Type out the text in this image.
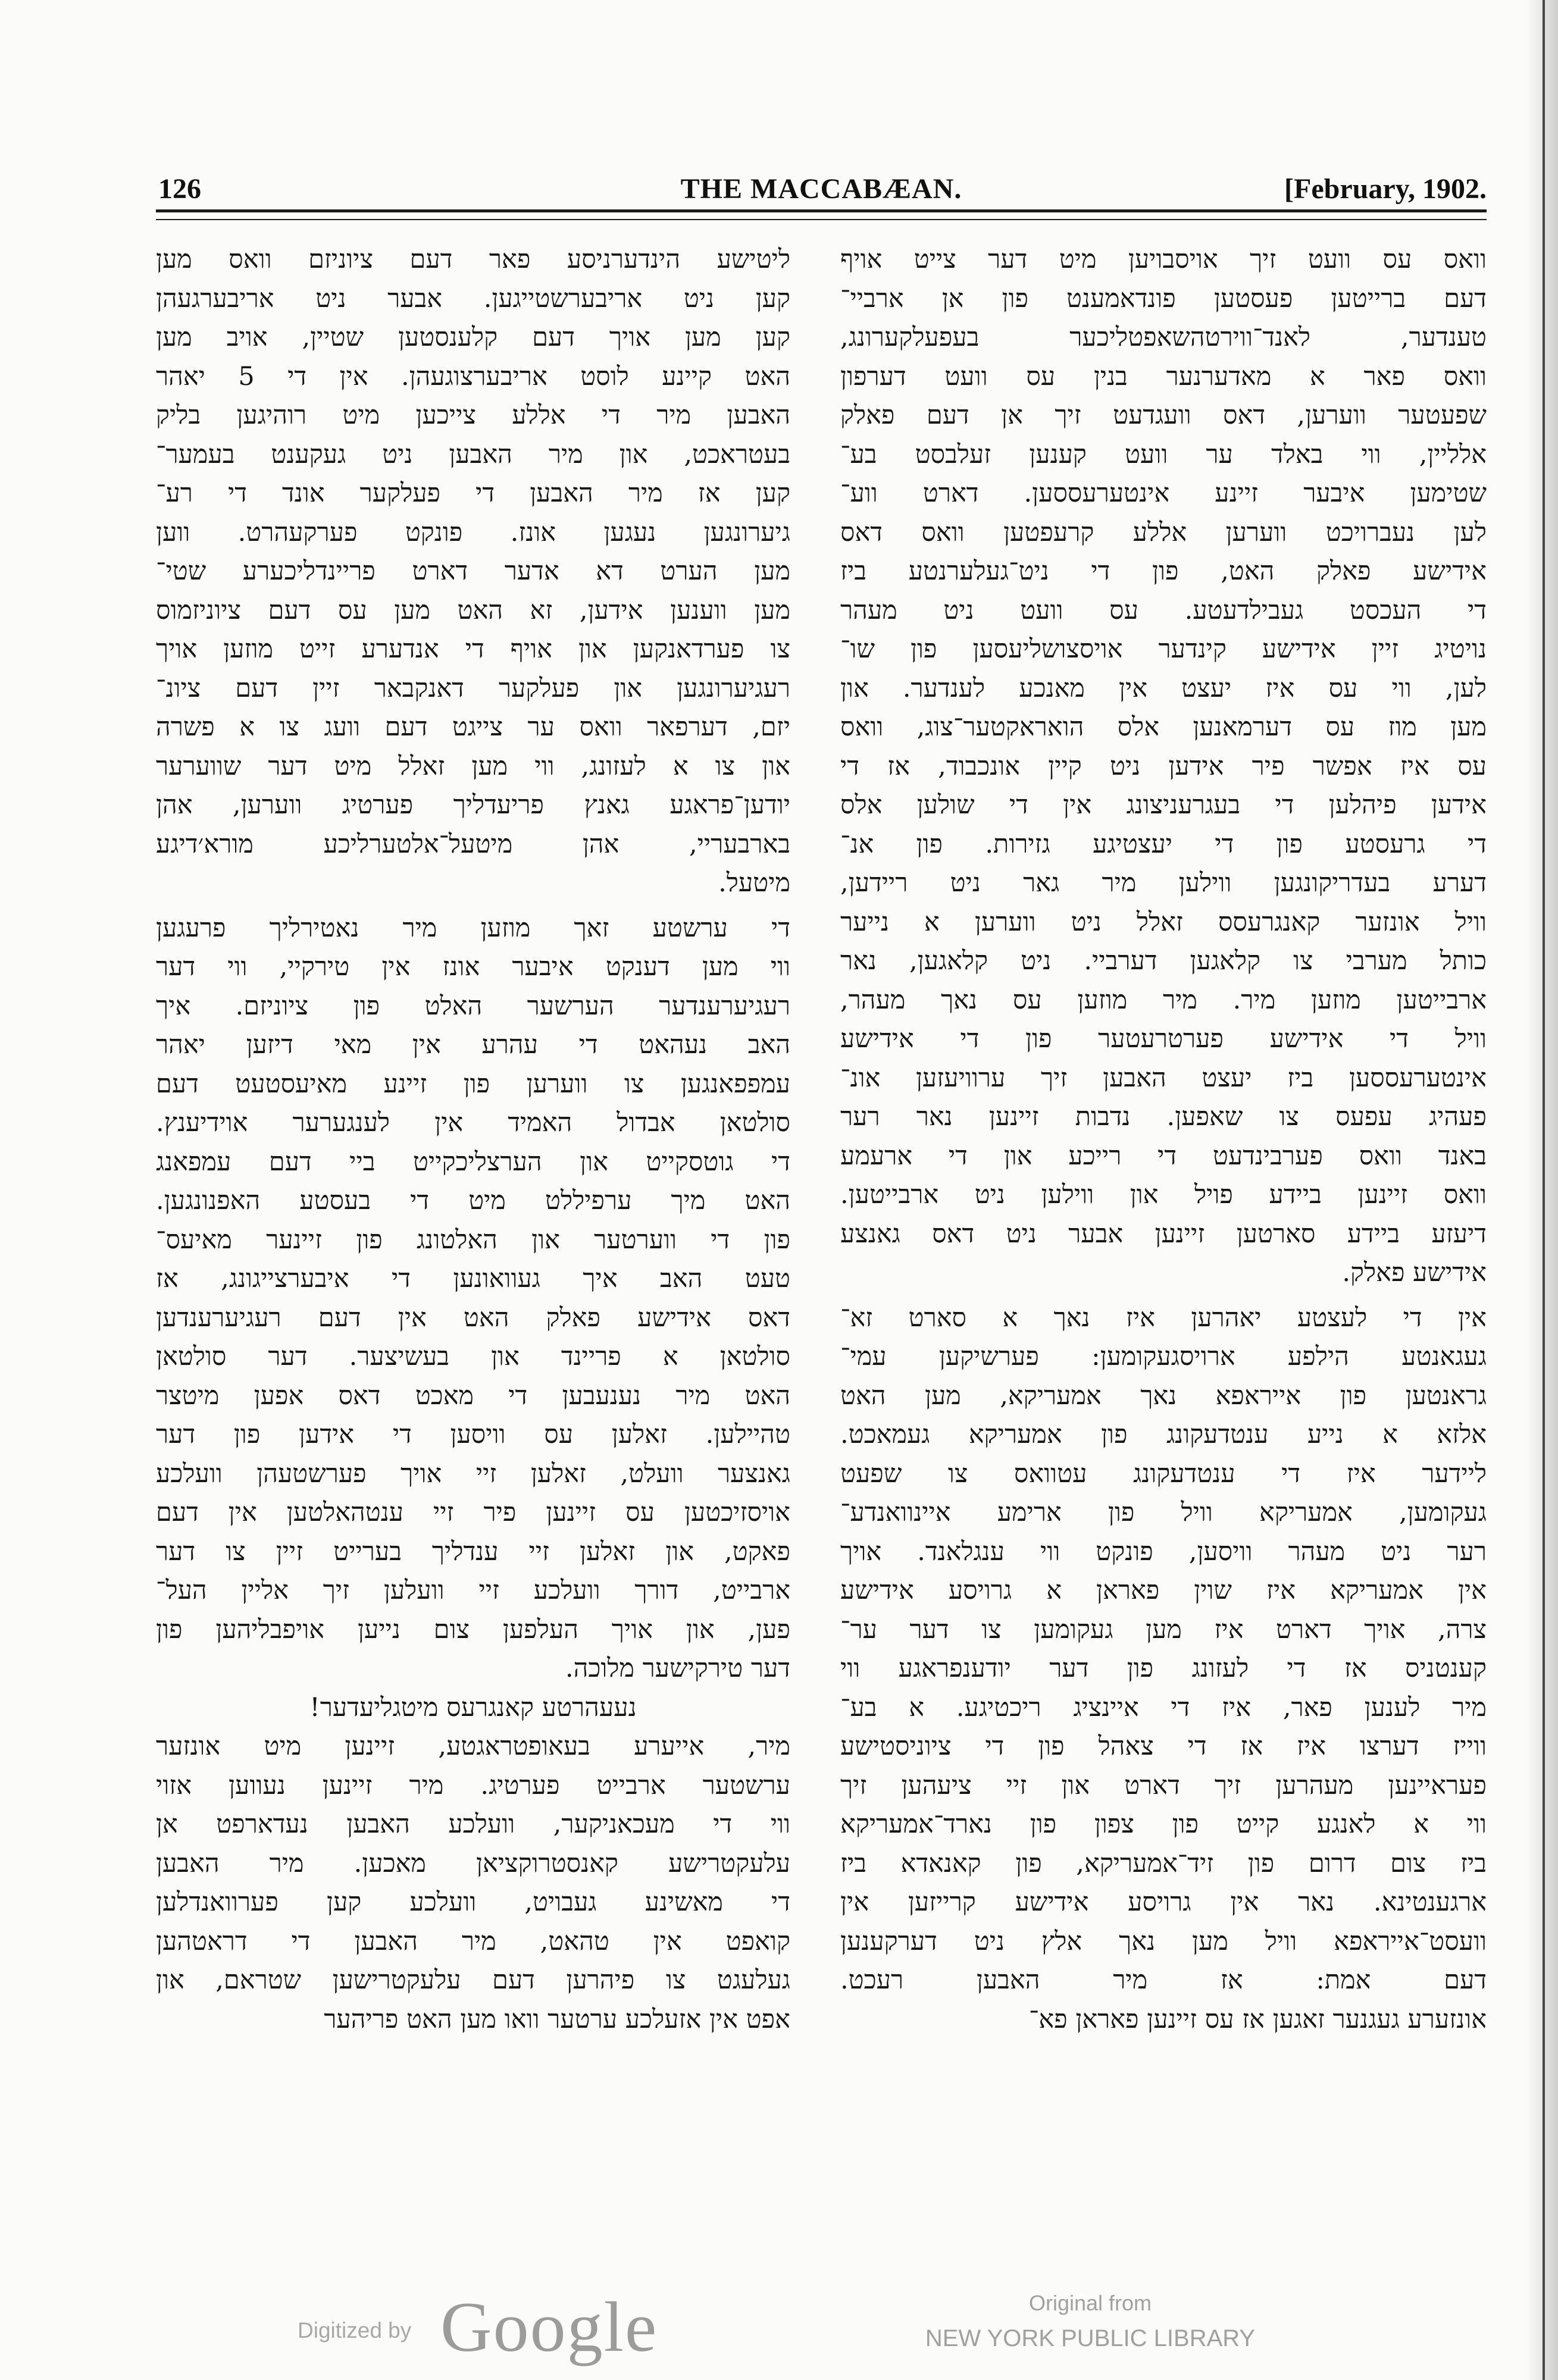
126	THE MACCABÆAN.	[February, 1902.
ליטישע הינדערניסע פאר דעם ציוניזם וואס מען
קען ניט אריבערשטייגען. אבער ניט אריבערגעהן
קען מען אויך דעם קלענסטען שטיין, אויב מען
האט קיינע לוסט אריבערצוגעהן. אין די 5 יאהר
האבען מיר די אללע צייכען מיט רוהיגען בליק
בעטראכט, און מיר האבען ניט געקענט בעמער־
קען אז מיר האבען די פעלקער אונד די רע־
גיערונגען נעגען אונז. פונקט פערקעהרט. ווען
מען הערט דא אדער דארט פריינדליכערע שטי־
מען ווענען אידען, זא האט מען עס דעם ציוניזמוס
צו פערדאנקען און אויף די אנדערע זייט מוזען אויך
רעגיערונגען און פעלקער דאנקבאר זיין דעם ציונ־
יזם, דערפאר וואס ער צייגט דעם וועג צו א פשרה
און צו א לעזונג, ווי מען זאלל מיט דער שווערער
יודען־פראגע גאנץ פריעדליך פערטיג ווערען, אהן
בארבעריי, אהן מיטעל־אלטערליכע מורא׳דיגע
מיטעל.
די ערשטע זאך מוזען מיר נאטירליך פרעגען
ווי מען דענקט איבער אונז אין טירקיי, ווי דער
רעגיערענדער הערשער האלט פון ציוניזם. איך
האב נעהאט די עהרע אין מאי דיזען יאהר
עמפפאנגען צו ווערען פון זיינע מאיעסטעט דעם
סולטאן אבדול האמיד אין לענגערער אוידיענץ.
די גוטסקייט און הערצליכקייט ביי דעם עמפאנג
האט מיך ערפיללט מיט די בעסטע האפנונגען.
פון די ווערטער און האלטונג פון זיינער מאיעס־
טעט האב איך געוואונען די איבערצייגונג, אז
דאס אידישע פאלק האט אין דעם רעגיערענדען
סולטאן א פריינד און בעשיצער. דער סולטאן
האט מיר נענעבען די מאכט דאס אפען מיטצר
טהיילען. זאלען עס וויסען די אידען פון דער
גאנצער וועלט, זאלען זיי אויך פערשטעהן וועלכע
אויסזיכטען עס זיינען פיר זיי ענטהאלטען אין דעם
פאקט, און זאלען זיי ענדליך בערייט זיין צו דער
ארבייט, דורך וועלכע זיי וועלען זיך אליין העל־
פען, און אויך העלפען צום נייען אויפבליהען פון
דער טירקישער מלוכה.
נעעהרטע קאנגרעס מיטגליעדער!
מיר, אייערע בעאופטראגטע, זיינען מיט אונזער
ערשטער ארבייט פערטיג. מיר זיינען נעווען אזוי
ווי די מעכאניקער, וועלכע האבען נעדארפט אן
עלעקטרישע קאנסטרוקציאן מאכען. מיר האבען
די מאשינע געבויט, וועלכע קען פערוואנדלען
קואפט אין טהאט, מיר האבען די דראטהען
געלעגט צו פיהרען דעם עלעקטרישען שטראם, און
אפט אין אזעלכע ערטער וואו מען האט פריהער
וואס עס וועט זיך אויסבויען מיט דער צייט אויף
דעם ברייטען פעסטען פונדאמענט פון אן ארביי־
טענדער, לאנד־ווירטהשאפטליכער בעפעלקערונג,
וואס פאר א מאדערנער בנין עס וועט דערפון
שפעטער ווערען, דאס וועגדעט זיך אן דעם פאלק
אלליין, ווי באלד ער וועט קענען זעלבסט בע־
שטימען איבער זיינע אינטערעססען. דארט ווע־
לען נעברויכט ווערען אללע קרעפטען וואס דאס
אידישע פאלק האט, פון די ניט־געלערנטע ביז
די העכסט געבילדעטע. עס וועט ניט מעהר
נויטיג זיין אידישע קינדער אויסצושליעסען פון שו־
לען, ווי עס איז יעצט אין מאנכע לענדער. און
מען מוז עס דערמאנען אלס הואראקטער־צוג, וואס
עס איז אפשר פיר אידען ניט קיין אונכבוד, אז די
אידען פיהלען די בעגרעניצונג אין די שולען אלס
די גרעסטע פון די יעצטיגע גזירות. פון אנ־
דערע בעדריקונגען ווילען מיר גאר ניט ריידען,
וויל אונזער קאנגרעסס זאלל ניט ווערען א נייער
כותל מערבי צו קלאגען דערביי. ניט קלאגען, נאר
ארבייטען מוזען מיר. מיר מוזען עס נאך מעהר,
וויל די אידישע פערטרעטער פון די אידישע
אינטערעססען ביז יעצט האבען זיך ערוויעזען אונ־
פעהיג עפעס צו שאפען. נדבות זיינען נאר רער
באנד וואס פערבינדעט די רייכע און די ארעמע
וואס זיינען ביידע פויל און ווילען ניט ארבייטען.
דיעזע ביידע סארטען זיינען אבער ניט דאס גאנצע
אידישע פאלק.
אין די לעצטע יאהרען איז נאך א סארט זא־
געגאנטע הילפע ארויסגעקומען: פערשיקען עמי־
גראנטען פון אייראפא נאך אמעריקא, מען האט
אלזא א נייע ענטדעקונג פון אמעריקא געמאכט.
ליידער איז די ענטדעקונג עטוואס צו שפעט
געקומען, אמעריקא וויל פון ארימע איינוואנדע־
רער ניט מעהר וויסען, פונקט ווי ענגלאנד. אויך
אין אמעריקא איז שוין פאראן א גרויסע אידישע
צרה, אויך דארט איז מען געקומען צו דער ער־
קענטניס אז די לעזונג פון דער יודענפראגע ווי
מיר לענען פאר, איז די איינציג ריכטיגע. א בע־
ווייז דערצו איז אז די צאהל פון די ציוניסטישע
פעראיינען מעהרען זיך דארט און זיי ציעהען זיך
ווי א לאנגע קייט פון צפון פון נארד־אמעריקא
ביז צום דרום פון זיד־אמעריקא, פון קאנאדא ביז
ארגענטינא. נאר אין גרויסע אידישע קרייזען אין
וועסט־אייראפא וויל מען נאך אלץ ניט דערקענען
דעם אמת: אז מיר האבען רעכט.
אונזערע געגנער זאגען אז עס זיינען פאראן פא־
Digitized by Google	Original from
NEW YORK PUBLIC LIBRARY
